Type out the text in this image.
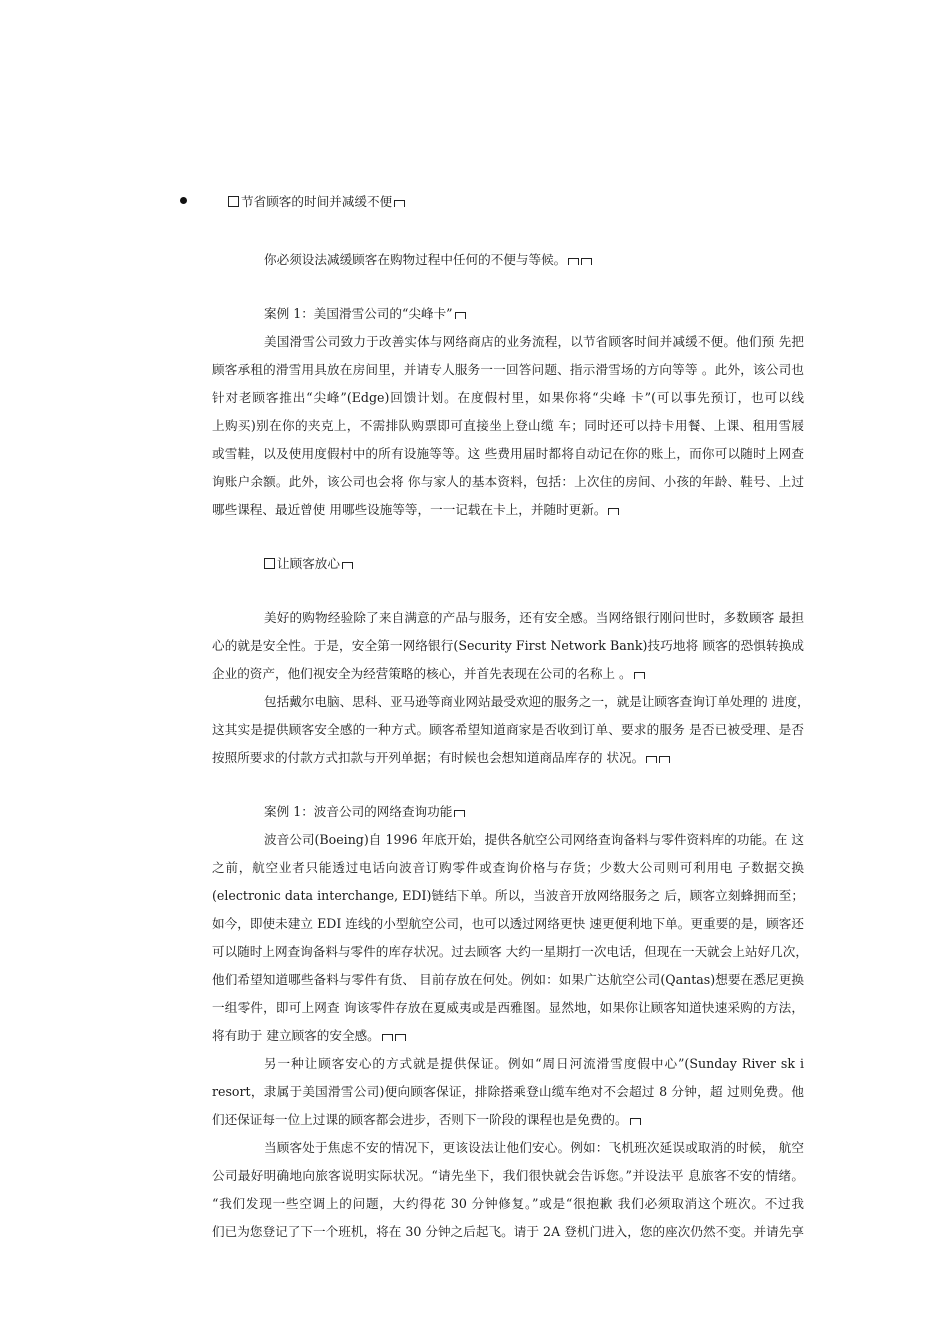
节省顾客的时间并减缓不便
你必须设法减缓顾客在购物过程中任何的不便与等候。
案例 1：美国滑雪公司的“尖峰卡”
美国滑雪公司致力于改善实体与网络商店的业务流程，以节省顾客时间并减缓不便。他们预 先把
顾客承租的滑雪用具放在房间里，并请专人服务一一回答问题、指示滑雪场的方向等等 。此外，该公司也
针对老顾客推出“尖峰”(Edge)回馈计划。在度假村里，如果你将“尖峰 卡”(可以事先预订，也可以线
上购买)别在你的夹克上，不需排队购票即可直接坐上登山缆 车；同时还可以持卡用餐、上课、租用雪屐
或雪鞋，以及使用度假村中的所有设施等等。这 些费用届时都将自动记在你的账上，而你可以随时上网查
询账户余额。此外，该公司也会将 你与家人的基本资料，包括：上次住的房间、小孩的年龄、鞋号、上过
哪些课程、最近曾使 用哪些设施等等，一一记载在卡上，并随时更新。
让顾客放心
美好的购物经验除了来自满意的产品与服务，还有安全感。当网络银行刚问世时，多数顾客 最担
心的就是安全性。于是，安全第一网络银行(Security First Network Bank)技巧地将 顾客的恐惧转换成
企业的资产，他们视安全为经营策略的核心，并首先表现在公司的名称上 。
包括戴尔电脑、思科、亚马逊等商业网站最受欢迎的服务之一，就是让顾客查询订单处理的 进度，
这其实是提供顾客安全感的一种方式。顾客希望知道商家是否收到订单、要求的服务 是否已被受理、是否
按照所要求的付款方式扣款与开列单据；有时候也会想知道商品库存的 状况。
案例 1：波音公司的网络查询功能
波音公司(Boeing)自 1996 年底开始，提供各航空公司网络查询备料与零件资料库的功能。在 这
之前，航空业者只能透过电话向波音订购零件或查询价格与存货；少数大公司则可利用电 子数据交换
(electronic data interchange, EDI)链结下单。所以，当波音开放网络服务之 后，顾客立刻蜂拥而至；
如今，即使未建立 EDI 连线的小型航空公司，也可以透过网络更快 速更便利地下单。更重要的是，顾客还
可以随时上网查询备料与零件的库存状况。过去顾客 大约一星期打一次电话，但现在一天就会上站好几次，
他们希望知道哪些备料与零件有货、 目前存放在何处。例如：如果广达航空公司(Qantas)想要在悉尼更换
一组零件，即可上网查 询该零件存放在夏威夷或是西雅图。显然地，如果你让顾客知道快速采购的方法，
将有助于 建立顾客的安全感。
另一种让顾客安心的方式就是提供保证。例如“周日河流滑雪度假中心”(Sunday River sk i
resort，隶属于美国滑雪公司)便向顾客保证，排除搭乘登山缆车绝对不会超过 8 分钟，超 过则免费。他
们还保证每一位上过课的顾客都会进步，否则下一阶段的课程也是免费的。
当顾客处于焦虑不安的情况下，更该设法让他们安心。例如：飞机班次延误或取消的时候， 航空
公司最好明确地向旅客说明实际状况。“请先坐下，我们很快就会告诉您。”并设法平 息旅客不安的情绪。
“我们发现一些空调上的问题，大约得花 30 分钟修复。”或是“很抱歉 我们必须取消这个班次。不过我
们已为您登记了下一个班机，将在 30 分钟之后起飞。请于 2A 登机门进入，您的座次仍然不变。并请先享
